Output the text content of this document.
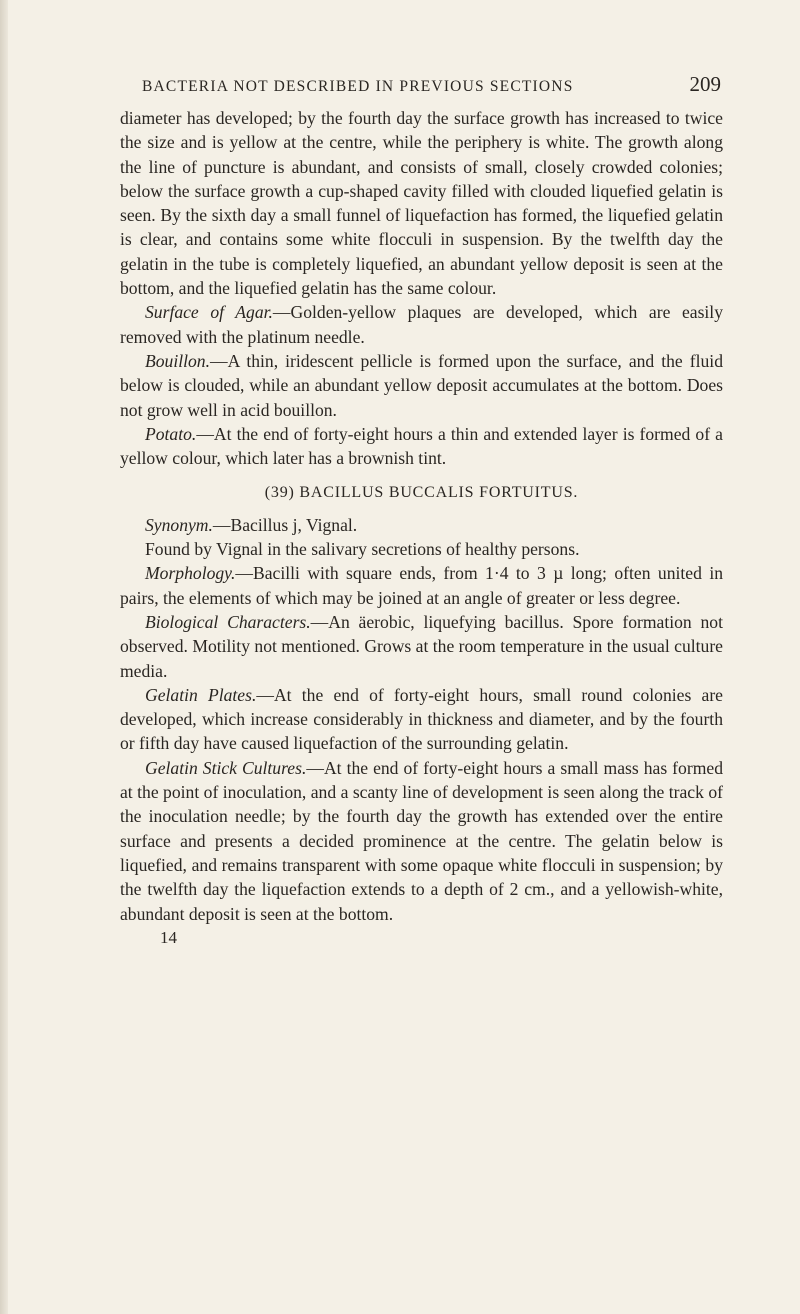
BACTERIA NOT DESCRIBED IN PREVIOUS SECTIONS	209

diameter has developed; by the fourth day the surface growth has increased to twice the size and is yellow at the centre, while the periphery is white. The growth along the line of puncture is abundant, and consists of small, closely crowded colonies; below the surface growth a cup-shaped cavity filled with clouded liquefied gelatin is seen. By the sixth day a small funnel of liquefaction has formed, the liquefied gelatin is clear, and contains some white flocculi in suspension. By the twelfth day the gelatin in the tube is completely liquefied, an abundant yellow deposit is seen at the bottom, and the liquefied gelatin has the same colour.

Surface of Agar.—Golden-yellow plaques are developed, which are easily removed with the platinum needle.

Bouillon.—A thin, iridescent pellicle is formed upon the surface, and the fluid below is clouded, while an abundant yellow deposit accumulates at the bottom. Does not grow well in acid bouillon.

Potato.—At the end of forty-eight hours a thin and extended layer is formed of a yellow colour, which later has a brownish tint.

(39) BACILLUS BUCCALIS FORTUITUS.

Synonym.—Bacillus j, Vignal.

Found by Vignal in the salivary secretions of healthy persons.

Morphology.—Bacilli with square ends, from 1·4 to 3 µ long; often united in pairs, the elements of which may be joined at an angle of greater or less degree.

Biological Characters.—An äerobic, liquefying bacillus. Spore formation not observed. Motility not mentioned. Grows at the room temperature in the usual culture media.

Gelatin Plates.—At the end of forty-eight hours, small round colonies are developed, which increase considerably in thickness and diameter, and by the fourth or fifth day have caused liquefaction of the surrounding gelatin.

Gelatin Stick Cultures.—At the end of forty-eight hours a small mass has formed at the point of inoculation, and a scanty line of development is seen along the track of the inoculation needle; by the fourth day the growth has extended over the entire surface and presents a decided prominence at the centre. The gelatin below is liquefied, and remains transparent with some opaque white flocculi in suspension; by the twelfth day the liquefaction extends to a depth of 2 cm., and a yellowish-white, abundant deposit is seen at the bottom.

14
